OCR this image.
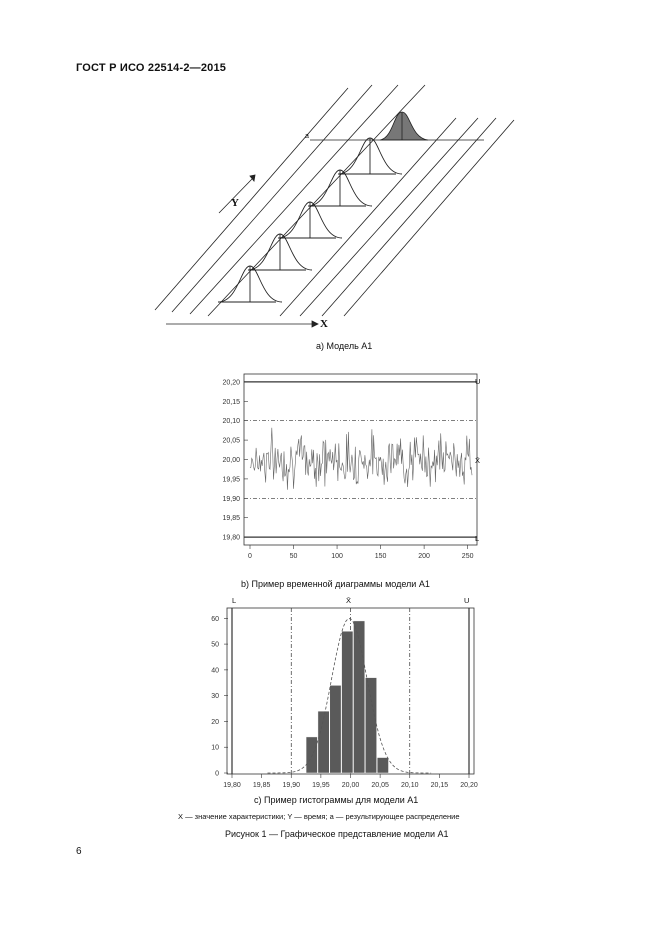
ГОСТ Р ИСО 22514-2—2015
X
Y
a
а) Модель А1
20,20
20,15
20,10
20,05
20,00
19,95
19,90
19,85
19,80
0	50	100	150	200	250
U
X̄
L
b) Пример временной диаграммы модели А1
0
10
20
30
40
50
60
19,80 19,85 19,90 19,95 20,00 20,05 20,10 20,15 20,20
L	X̄	U
с) Пример гистограммы для модели А1
X — значение характеристики; Y — время; a — результирующее распределение
Рисунок 1 — Графическое представление модели А1
6
